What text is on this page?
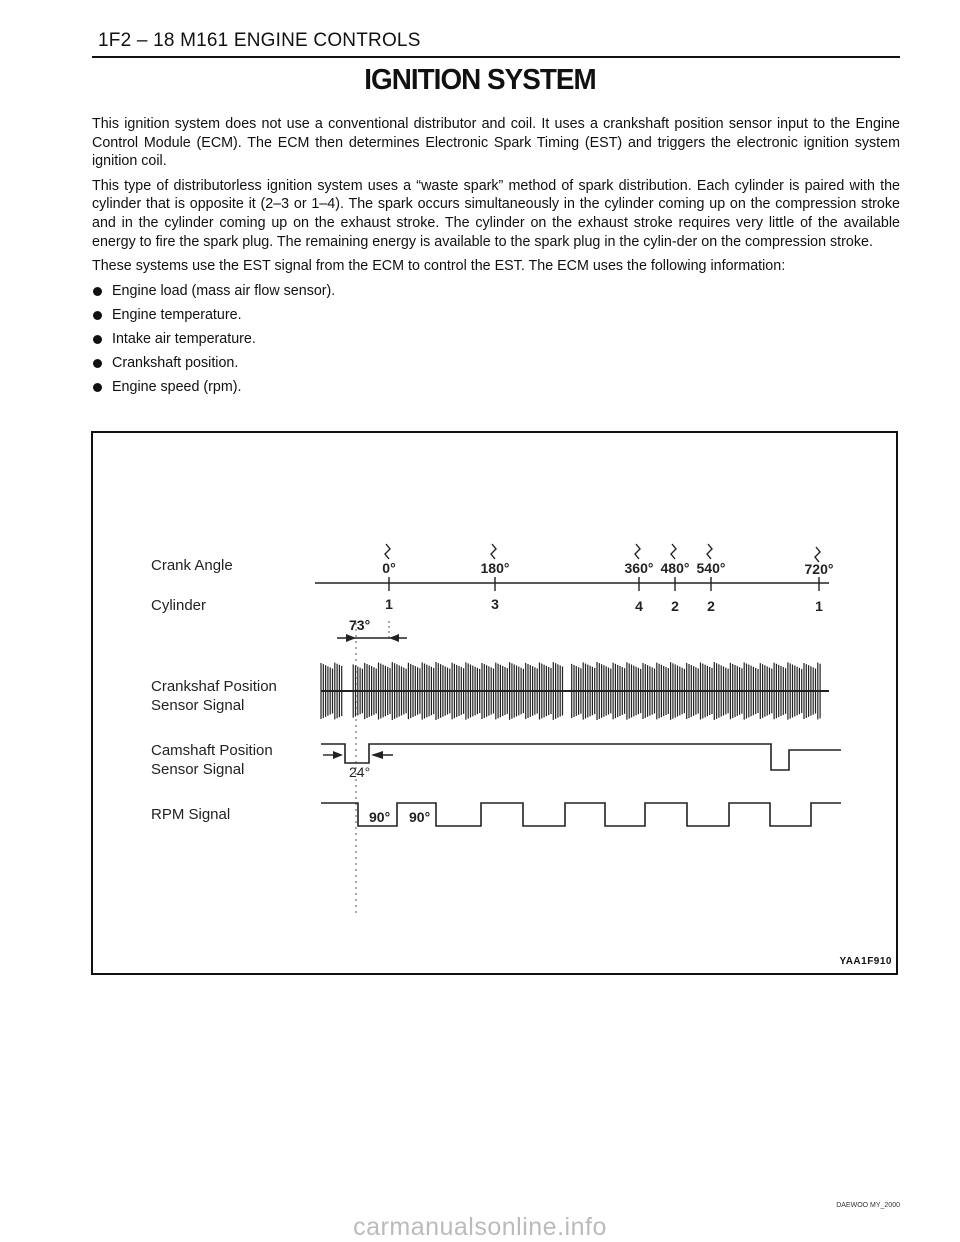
1F2 – 18 M161 ENGINE CONTROLS
IGNITION SYSTEM

This ignition system does not use a conventional distributor and coil. It uses a crankshaft position sensor input to the Engine Control Module (ECM). The ECM then determines Electronic Spark Timing (EST) and triggers the electronic ignition system ignition coil.

This type of distributorless ignition system uses a “waste spark” method of spark distribution. Each cylinder is paired with the cylinder that is opposite it (2–3 or 1–4). The spark occurs simultaneously in the cylinder coming up on the compression stroke and in the cylinder coming up on the exhaust stroke. The cylinder on the exhaust stroke requires very little of the available energy to fire the spark plug. The remaining energy is available to the spark plug in the cylin-der on the compression stroke.

These systems use the EST signal from the ECM to control the EST. The ECM uses the following information:

Engine load (mass air flow sensor).
Engine temperature.
Intake air temperature.
Crankshaft position.
Engine speed (rpm).
Crank Angle
Cylinder
Crankshaf Position
Sensor Signal
Camshaft Position
Sensor Signal
RPM Signal
0°	180°	360° 480° 540°	720°
1	3	4 2 2	1
73°
24°
90° 90°
YAA1F910
DAEWOO MY_2000
carmanualsonline.info
